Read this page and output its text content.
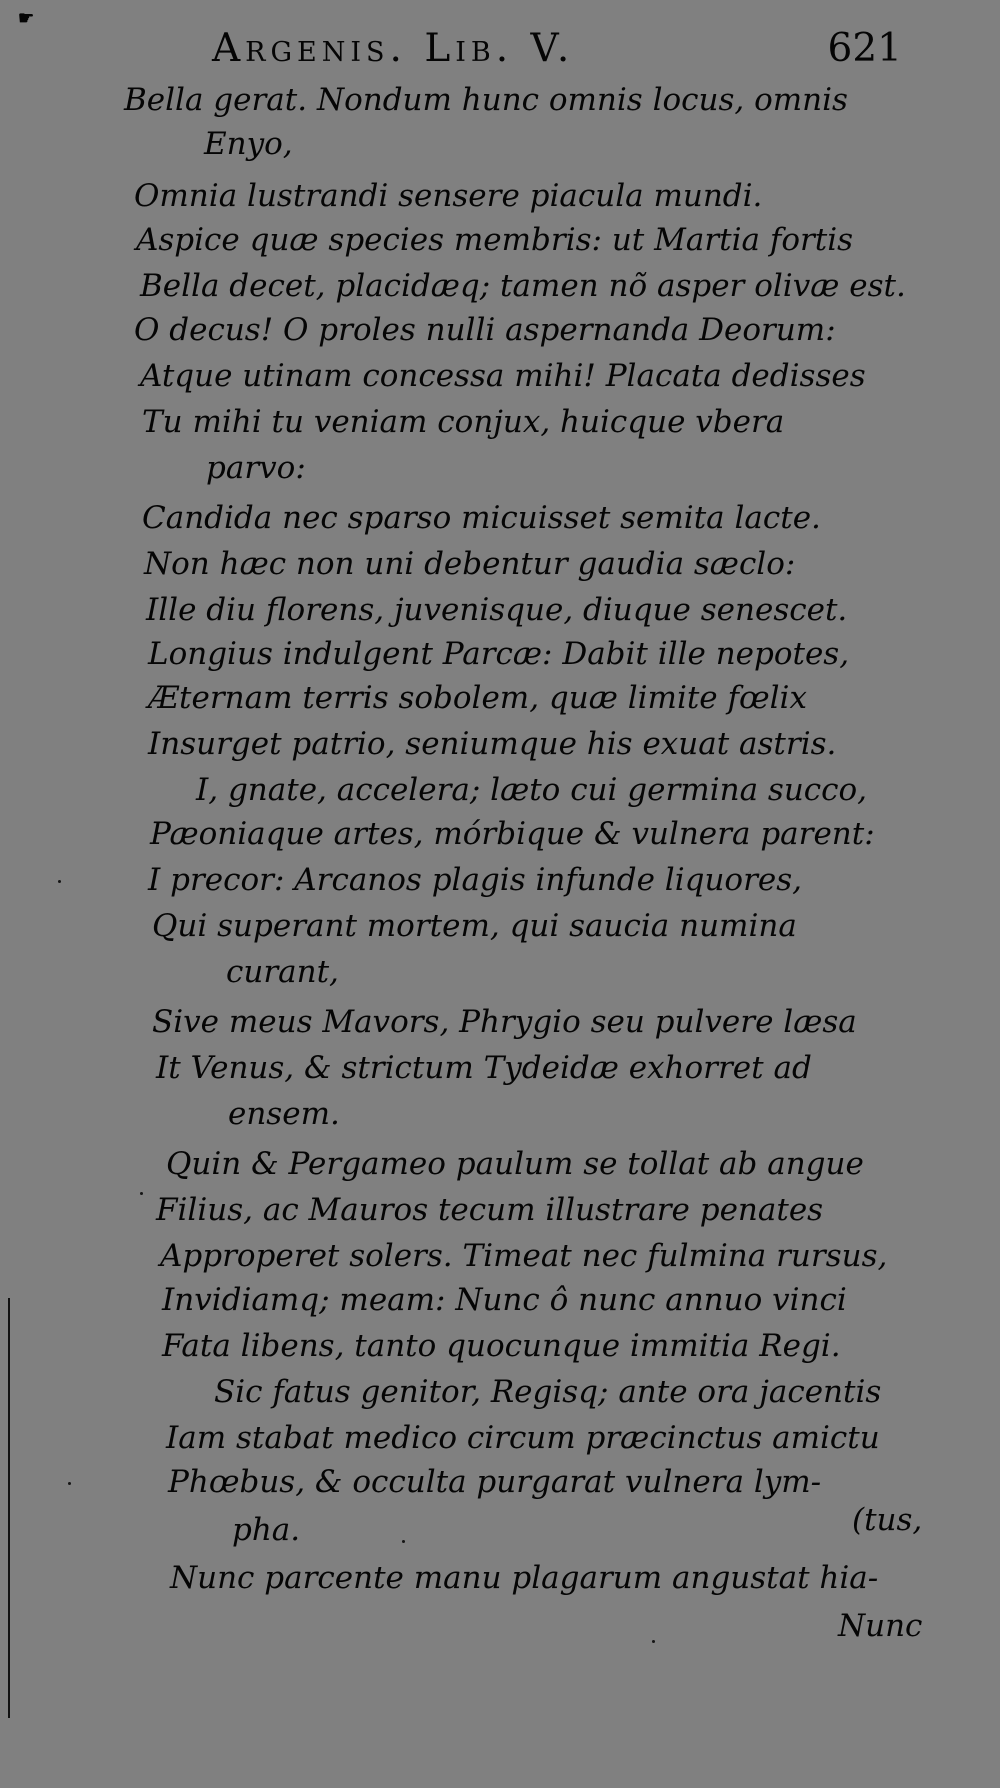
☛
Argenis. Lib. V.	621
Bella gerat. Nondum hunc omnis locus, omnis
Enyo,
Omnia lustrandi sensere piacula mundi.
Aspice quæ species membris: ut Martia fortis
Bella decet, placidæq; tamen nõ asper olivæ est.
O decus! O proles nulli aspernanda Deorum:
Atque utinam concessa mihi! Placata dedisses
Tu mihi tu veniam conjux, huicque vbera
parvo:
Candida nec sparso micuisset semita lacte.
Non hæc non uni debentur gaudia sæclo:
Ille diu florens, juvenisque, diuque senescet.
Longius indulgent Parcæ: Dabit ille nepotes,
Æternam terris sobolem, quæ limite fœlix
Insurget patrio, seniumque his exuat astris.
I, gnate, accelera; læto cui germina succo,
Pæoniaque artes, mórbique & vulnera parent:
I precor: Arcanos plagis infunde liquores,
Qui superant mortem, qui saucia numina
curant,
Sive meus Mavors, Phrygio seu pulvere læsa
It Venus, & strictum Tydeidæ exhorret ad
ensem.
Quin & Pergameo paulum se tollat ab angue
Filius, ac Mauros tecum illustrare penates
Approperet solers. Timeat nec fulmina rursus,
Invidiamq; meam: Nunc ô nunc annuo vinci
Fata libens, tanto quocunque immitia Regi.
Sic fatus genitor, Regisq; ante ora jacentis
Iam stabat medico circum præcinctus amictu
Phœbus, & occulta purgarat vulnera lym-
pha.	(tus,
Nunc parcente manu plagarum angustat hia-
Nunc
